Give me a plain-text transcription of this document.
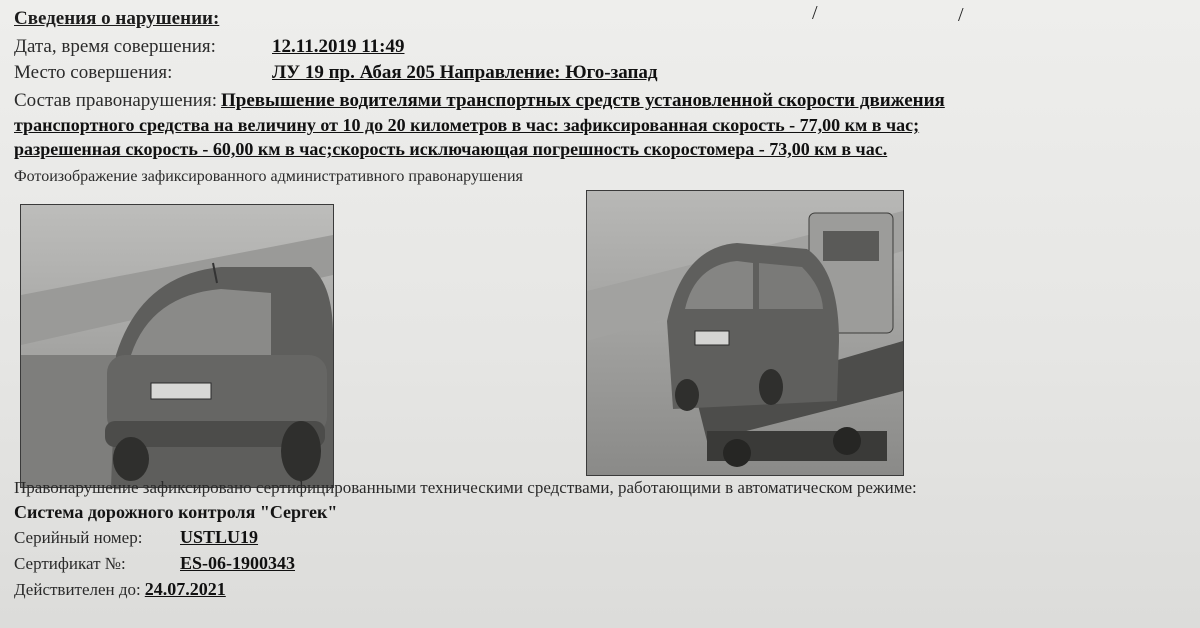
Сведения о нарушении:	/	/
Дата, время совершения:	12.11.2019 11:49
Место совершения:	ЛУ 19 пр. Абая 205 Направление: Юго-запад
Состав правонарушения: Превышение водителями транспортных средств установленной скорости движения
транспортного средства на величину от 10 до 20 километров в час: зафиксированная скорость - 77,00 км в час;
разрешенная скорость - 60,00 км в час;скорость исключающая погрешность скоростомера - 73,00 км в час.
Фотоизображение зафиксированного административного правонарушения
Правонарушение зафиксировано сертифицированными техническими средствами, работающими в автоматическом режиме:
Система дорожного контроля "Сергек"
Серийный номер: USTLU19
Сертификат №:	ES-06-1900343
Действителен до: 24.07.2021
